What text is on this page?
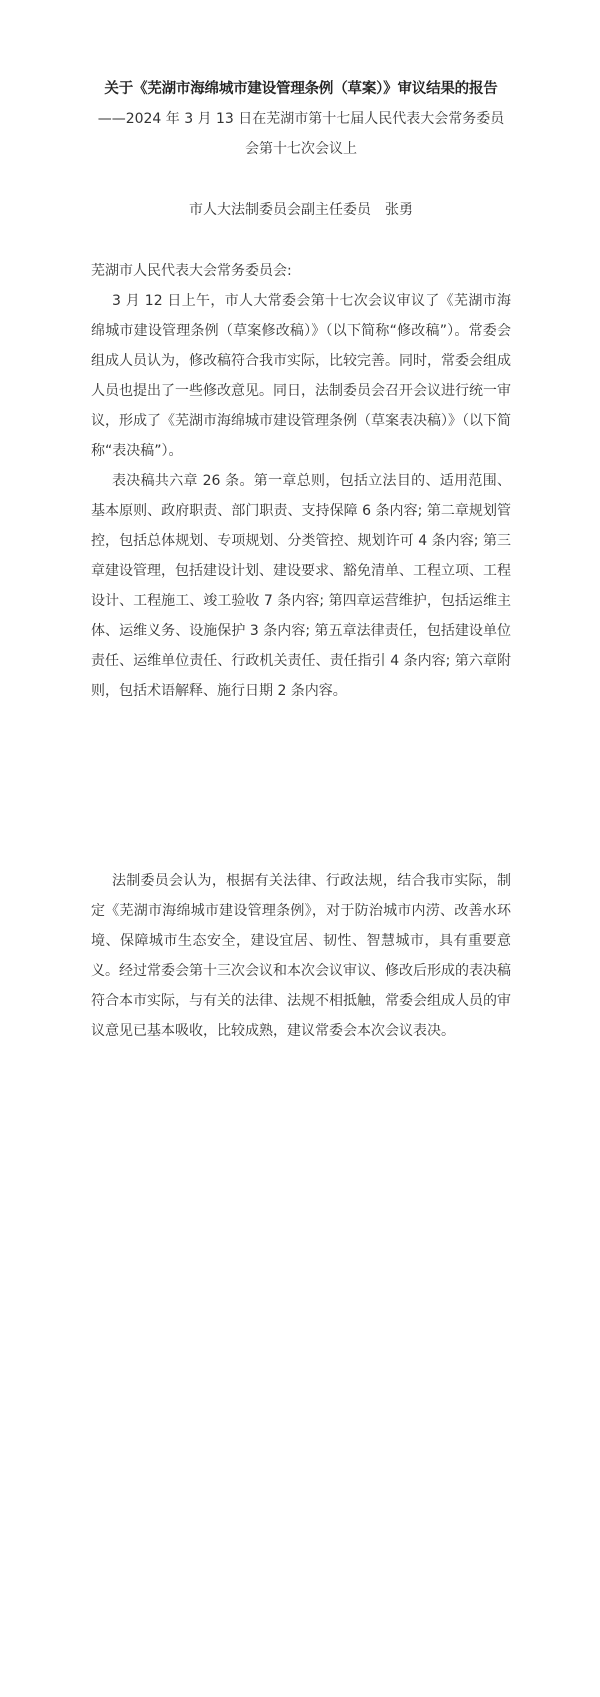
关于《芜湖市海绵城市建设管理条例（草案）》审议结果的报告
——2024 年 3 月 13 日在芜湖市第十七届人民代表大会常务委员会第十七次会议上
市人大法制委员会副主任委员　张勇
芜湖市人民代表大会常务委员会:

3 月 12 日上午，市人大常委会第十七次会议审议了《芜湖市海绵城市建设管理条例（草案修改稿）》（以下简称“修改稿”）。常委会组成人员认为，修改稿符合我市实际，比较完善。同时，常委会组成人员也提出了一些修改意见。同日，法制委员会召开会议进行统一审议，形成了《芜湖市海绵城市建设管理条例（草案表决稿）》（以下简称“表决稿”）。

表决稿共六章 26 条。第一章总则，包括立法目的、适用范围、基本原则、政府职责、部门职责、支持保障 6 条内容; 第二章规划管控，包括总体规划、专项规划、分类管控、规划许可 4 条内容; 第三章建设管理，包括建设计划、建设要求、豁免清单、工程立项、工程设计、工程施工、竣工验收 7 条内容; 第四章运营维护，包括运维主体、运维义务、设施保护 3 条内容; 第五章法律责任，包括建设单位责任、运维单位责任、行政机关责任、责任指引 4 条内容; 第六章附则，包括术语解释、施行日期 2 条内容。

法制委员会认为，根据有关法律、行政法规，结合我市实际，制定《芜湖市海绵城市建设管理条例》，对于防治城市内涝、改善水环境、保障城市生态安全，建设宜居、韧性、智慧城市，具有重要意义。经过常委会第十三次会议和本次会议审议、修改后形成的表决稿符合本市实际，与有关的法律、法规不相抵触，常委会组成人员的审议意见已基本吸收，比较成熟，建议常委会本次会议表决。
